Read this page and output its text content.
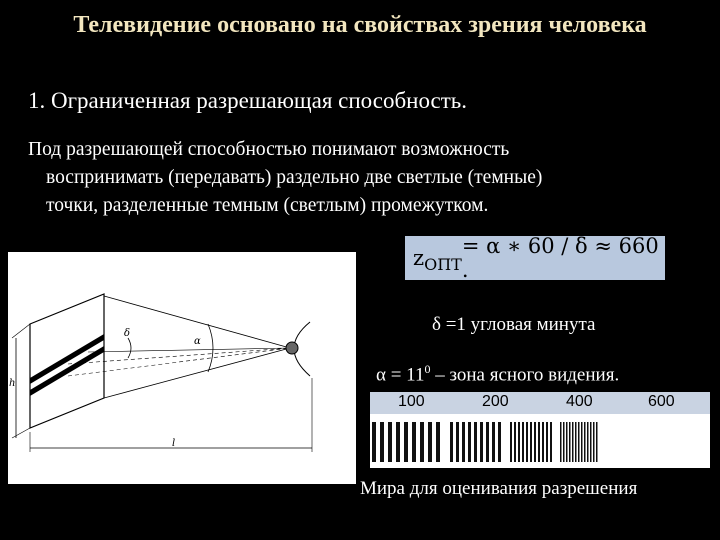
Телевидение основано на свойствах зрения человека
1. Ограниченная разрешающая способность.
Под разрешающей способностью понимают возможность
воспринимать (передавать) раздельно две светлые (темные)
точки, разделенные темным (светлым) промежутком.
z ОПТ
= α ∗ 60 / δ ≈ 660 .
δ =1 угловая минута
$\alpha = 11^0$ – зона ясного видения.
δ
α
h
l
100	200	400	600
Мира для оценивания разрешения
